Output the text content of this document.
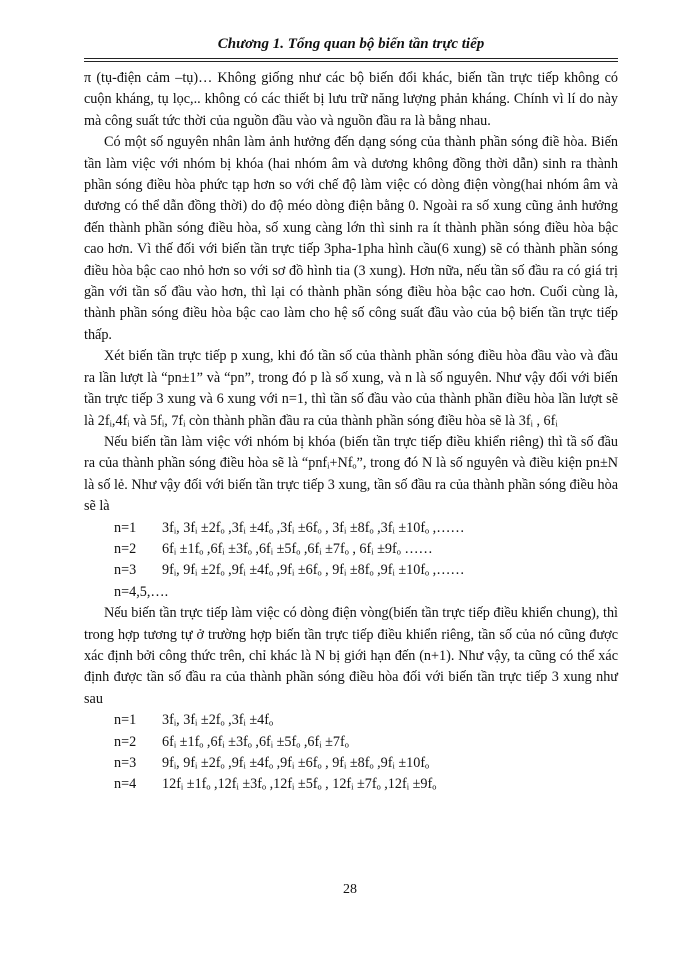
Chương 1. Tổng quan bộ biến tần trực tiếp

π (tụ-điện cảm –tụ)… Không giống như các bộ biến đổi khác, biến tần trực tiếp không có cuộn kháng, tụ lọc,.. không có các thiết bị lưu trữ năng lượng phản kháng. Chính vì lí do này mà công suất tức thời của nguồn đầu vào và nguồn đầu ra là bằng nhau.

Có một số nguyên nhân làm ảnh hưởng đến dạng sóng của thành phần sóng điề hòa. Biến tần làm việc với nhóm bị khóa (hai nhóm âm và dương không đồng thời dẫn) sinh ra thành phần sóng điều hòa phức tạp hơn so với chế độ làm việc có dòng điện vòng(hai nhóm âm và dương có thể dẫn đồng thời) do độ méo dòng điện bằng 0. Ngoài ra số xung cũng ảnh hưởng đến thành phần sóng điều hòa, số xung càng lớn thì sinh ra ít thành phần sóng điều hòa bậc cao hơn. Vì thế đối với biến tần trực tiếp 3pha-1pha hình cầu(6 xung) sẽ có thành phần sóng điều hòa bậc cao nhỏ hơn so với sơ đồ hình tia (3 xung). Hơn nữa, nếu tần số đầu ra có giá trị gần với tần số đầu vào hơn, thì lại có thành phần sóng điều hòa bậc cao hơn. Cuối cùng là, thành phần sóng điều hòa bậc cao làm cho hệ số công suất đầu vào của bộ biến tần trực tiếp thấp.

Xét biến tần trực tiếp p xung, khi đó tần số của thành phần sóng điều hòa đầu vào và đầu ra lần lượt là “pn±1” và “pn”, trong đó p là số xung, và n là số nguyên. Như vậy đối với biến tần trực tiếp 3 xung và 6 xung với n=1, thì tần số đầu vào của thành phần điều hòa lần lượt sẽ là 2fᵢ,4fᵢ và 5fᵢ, 7fᵢ còn thành phần đầu ra của thành phần sóng điều hòa sẽ là 3fᵢ , 6fᵢ

Nếu biến tần làm việc với nhóm bị khóa (biến tần trực tiếp điều khiển riêng) thì tầ số đầu ra của thành phần sóng điều hòa sẽ là “pnfᵢ+Nfₒ”, trong đó N là số nguyên và điều kiện pn±N là số lẻ. Như vậy đối với biến tần trực tiếp 3 xung, tần số đầu ra của thành phần sóng điều hòa sẽ là

n=1	3fᵢ, 3fᵢ ±2fₒ ,3fᵢ ±4fₒ ,3fᵢ ±6fₒ , 3fᵢ ±8fₒ ,3fᵢ ±10fₒ ,……
n=2	6fᵢ ±1fₒ ,6fᵢ ±3fₒ ,6fᵢ ±5fₒ ,6fᵢ ±7fₒ , 6fᵢ ±9fₒ ……
n=3	9fᵢ, 9fᵢ ±2fₒ ,9fᵢ ±4fₒ ,9fᵢ ±6fₒ , 9fᵢ ±8fₒ ,9fᵢ ±10fₒ ,……
n=4,5,….

Nếu biến tần trực tiếp làm việc có dòng điện vòng(biến tần trực tiếp điều khiển chung), thì trong hợp tương tự ở trường hợp biến tần trực tiếp điều khiển riêng, tần số của nó cũng được xác định bởi công thức trên, chỉ khác là N bị giới hạn đến (n+1). Như vậy, ta cũng có thể xác định được tần số đầu ra của thành phần sóng điều hòa đối với biến tần trực tiếp 3 xung như sau

n=1	3fᵢ, 3fᵢ ±2fₒ ,3fᵢ ±4fₒ
n=2	6fᵢ ±1fₒ ,6fᵢ ±3fₒ ,6fᵢ ±5fₒ ,6fᵢ ±7fₒ
n=3	9fᵢ, 9fᵢ ±2fₒ ,9fᵢ ±4fₒ ,9fᵢ ±6fₒ , 9fᵢ ±8fₒ ,9fᵢ ±10fₒ
n=4	12fᵢ ±1fₒ ,12fᵢ ±3fₒ ,12fᵢ ±5fₒ , 12fᵢ ±7fₒ ,12fᵢ ±9fₒ
28
